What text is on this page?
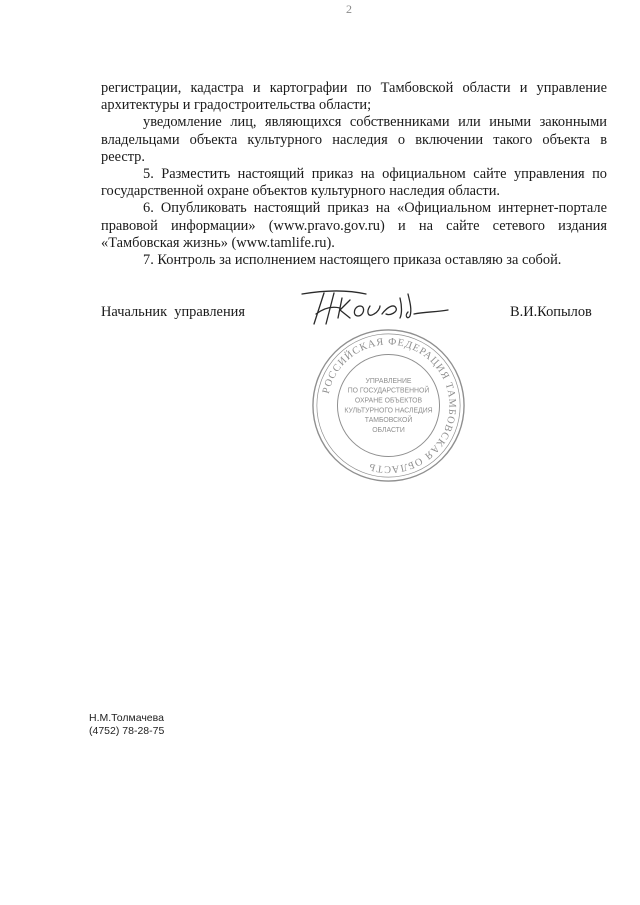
2

регистрации, кадастра и картографии по Тамбовской области и управление

архитектуры и градостроительства области;

уведомление лиц, являющихся собственниками или иными законными

владельцами объекта культурного наследия о включении такого объекта в

реестр.

5. Разместить настоящий приказ на официальном сайте управления по

государственной охране объектов культурного наследия области.

6. Опубликовать настоящий приказ на «Официальном интернет-портале

правовой информации» (www.pravo.gov.ru) и на сайте сетевого издания

«Тамбовская жизнь» (www.tamlife.ru).

7. Контроль за исполнением настоящего приказа оставляю за собой.

Начальник  управления	В.И.Копылов
РОССИЙСКАЯ ФЕДЕРАЦИЯ ТАМБОВСКАЯ ОБЛАСТЬ
УПРАВЛЕНИЕ
ПО ГОСУДАРСТВЕННОЙ
ОХРАНЕ ОБЪЕКТОВ
КУЛЬТУРНОГО НАСЛЕДИЯ
ТАМБОВСКОЙ
ОБЛАСТИ
Н.М.Толмачева
(4752) 78-28-75
